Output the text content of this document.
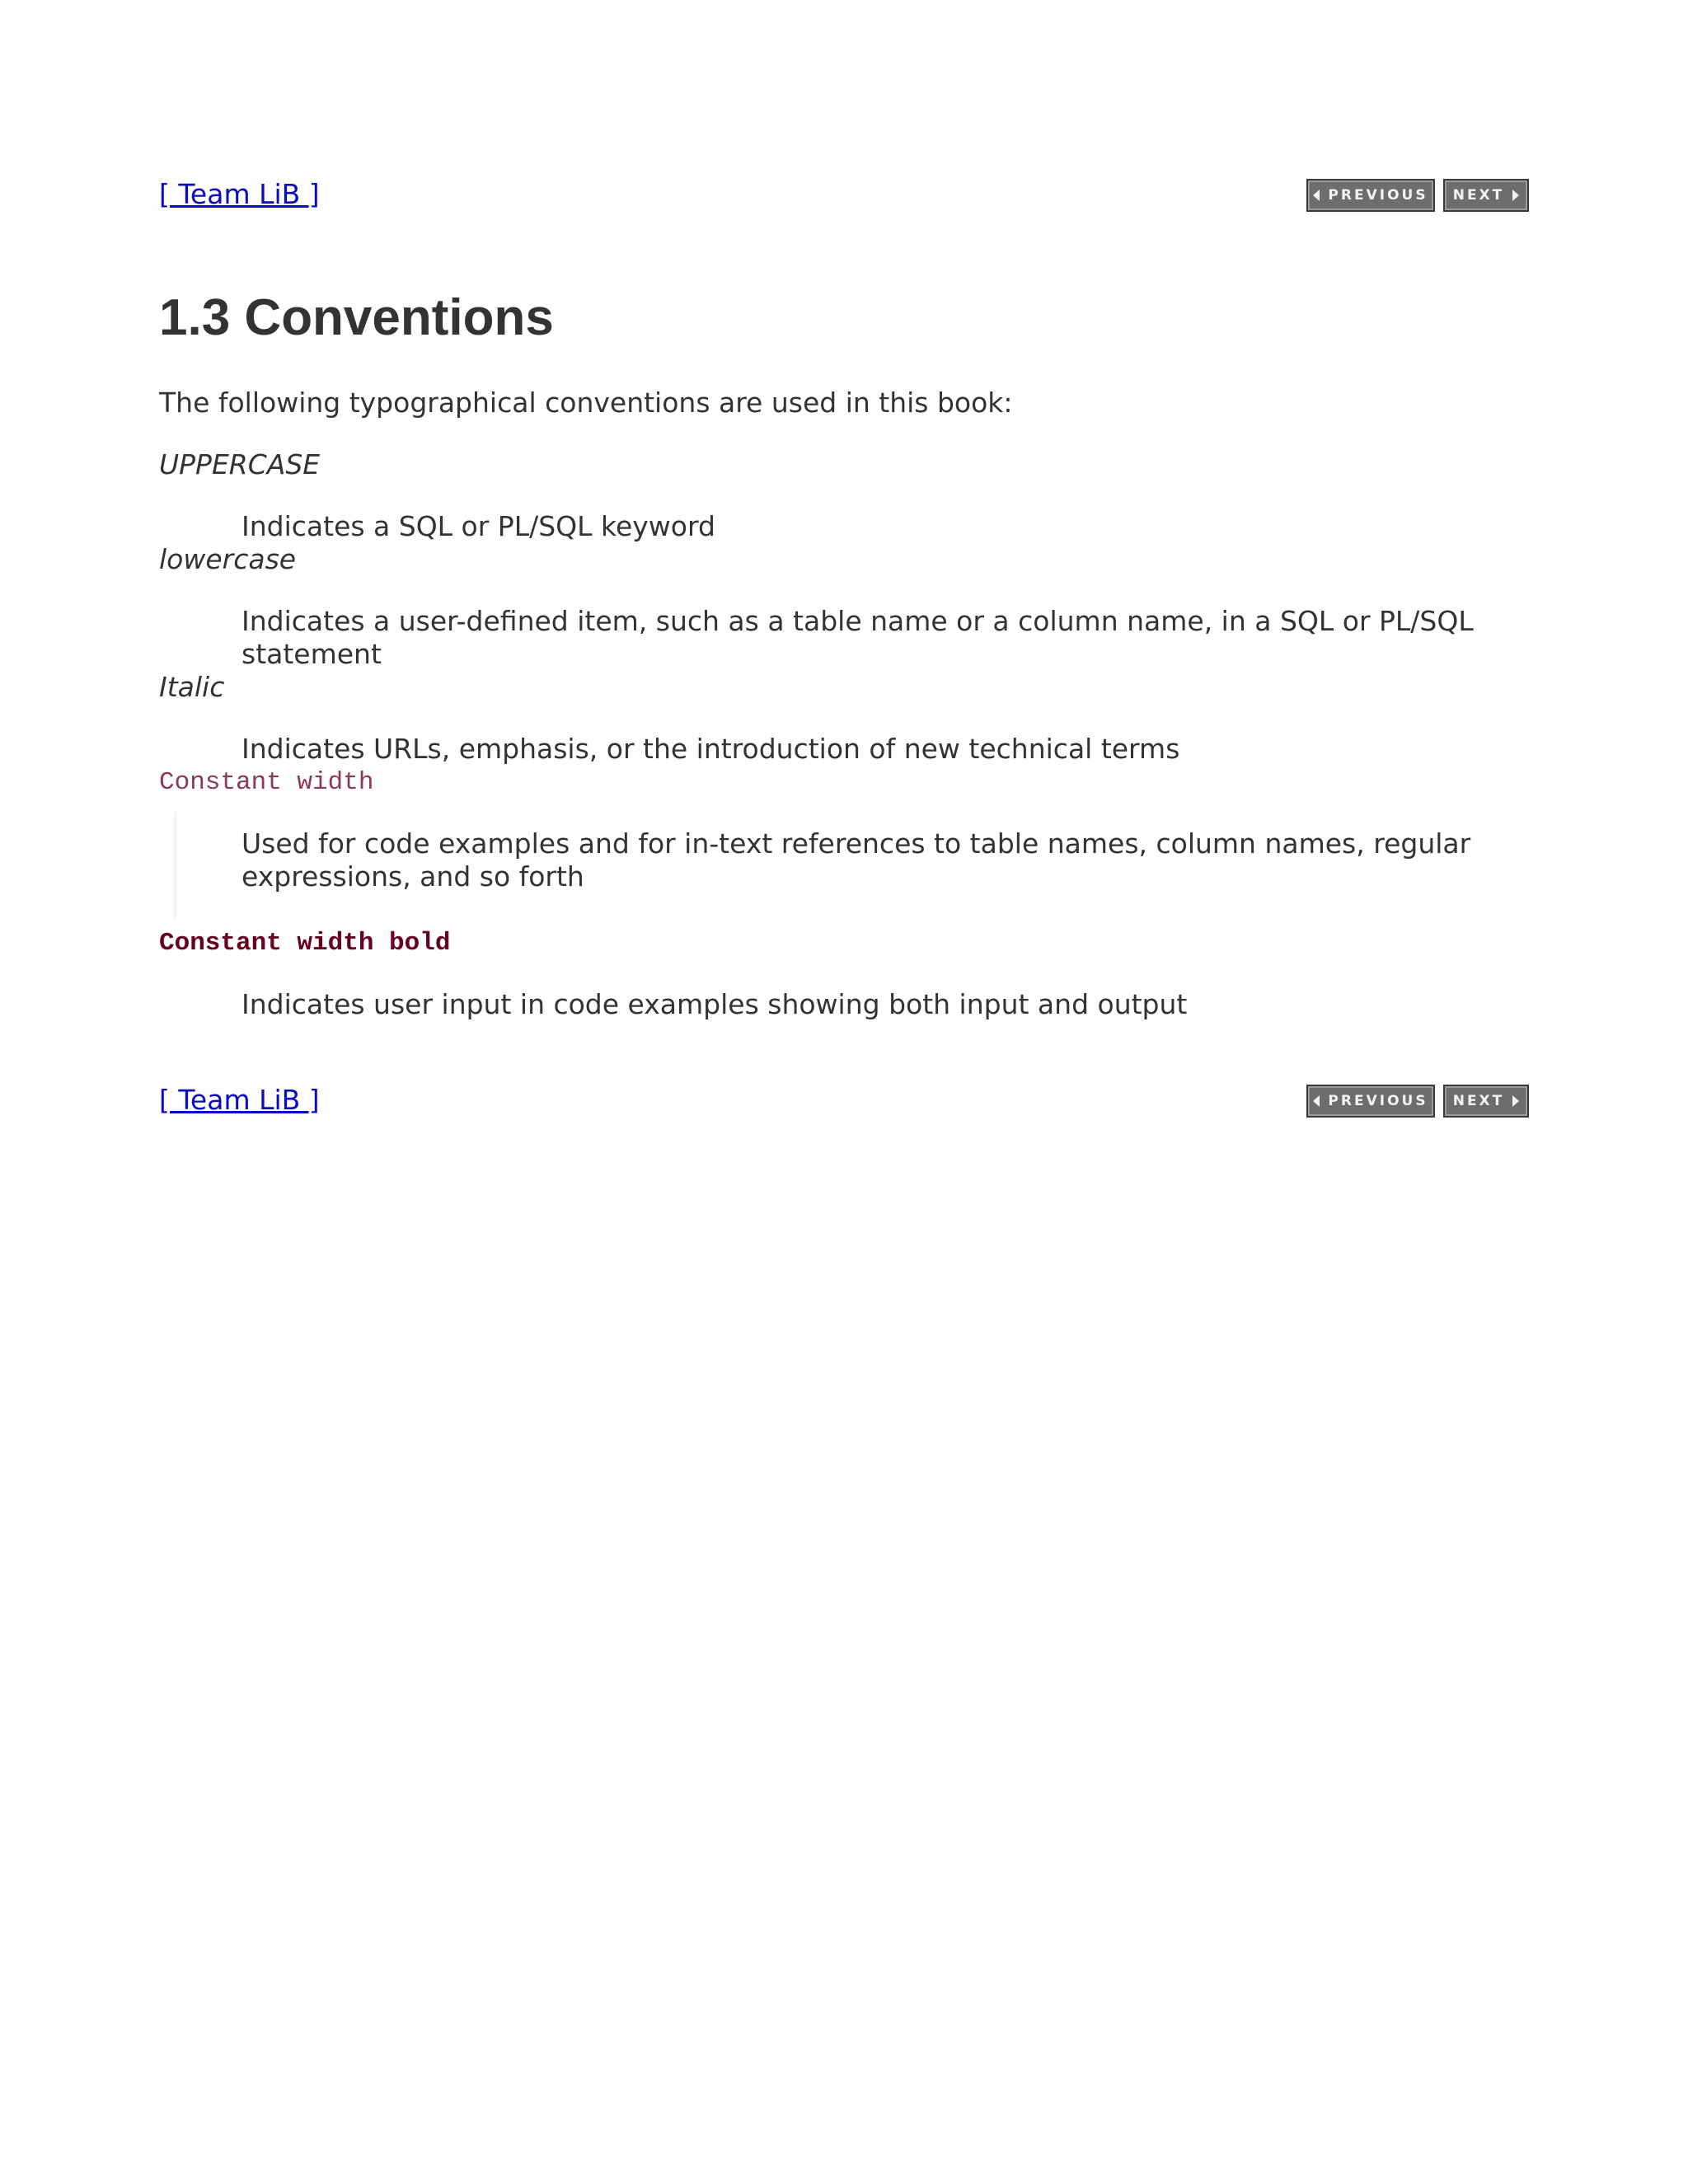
[ Team LiB ]	PREVIOUS NEXT
1.3 Conventions
The following typographical conventions are used in this book:
UPPERCASE
Indicates a SQL or PL/SQL keyword
lowercase
Indicates a user-defined item, such as a table name or a column name, in a SQL or PL/SQL statement
Italic
Indicates URLs, emphasis, or the introduction of new technical terms
Constant width
Used for code examples and for in-text references to table names, column names, regular expressions, and so forth
Constant width bold
Indicates user input in code examples showing both input and output
[ Team LiB ]	PREVIOUS NEXT
